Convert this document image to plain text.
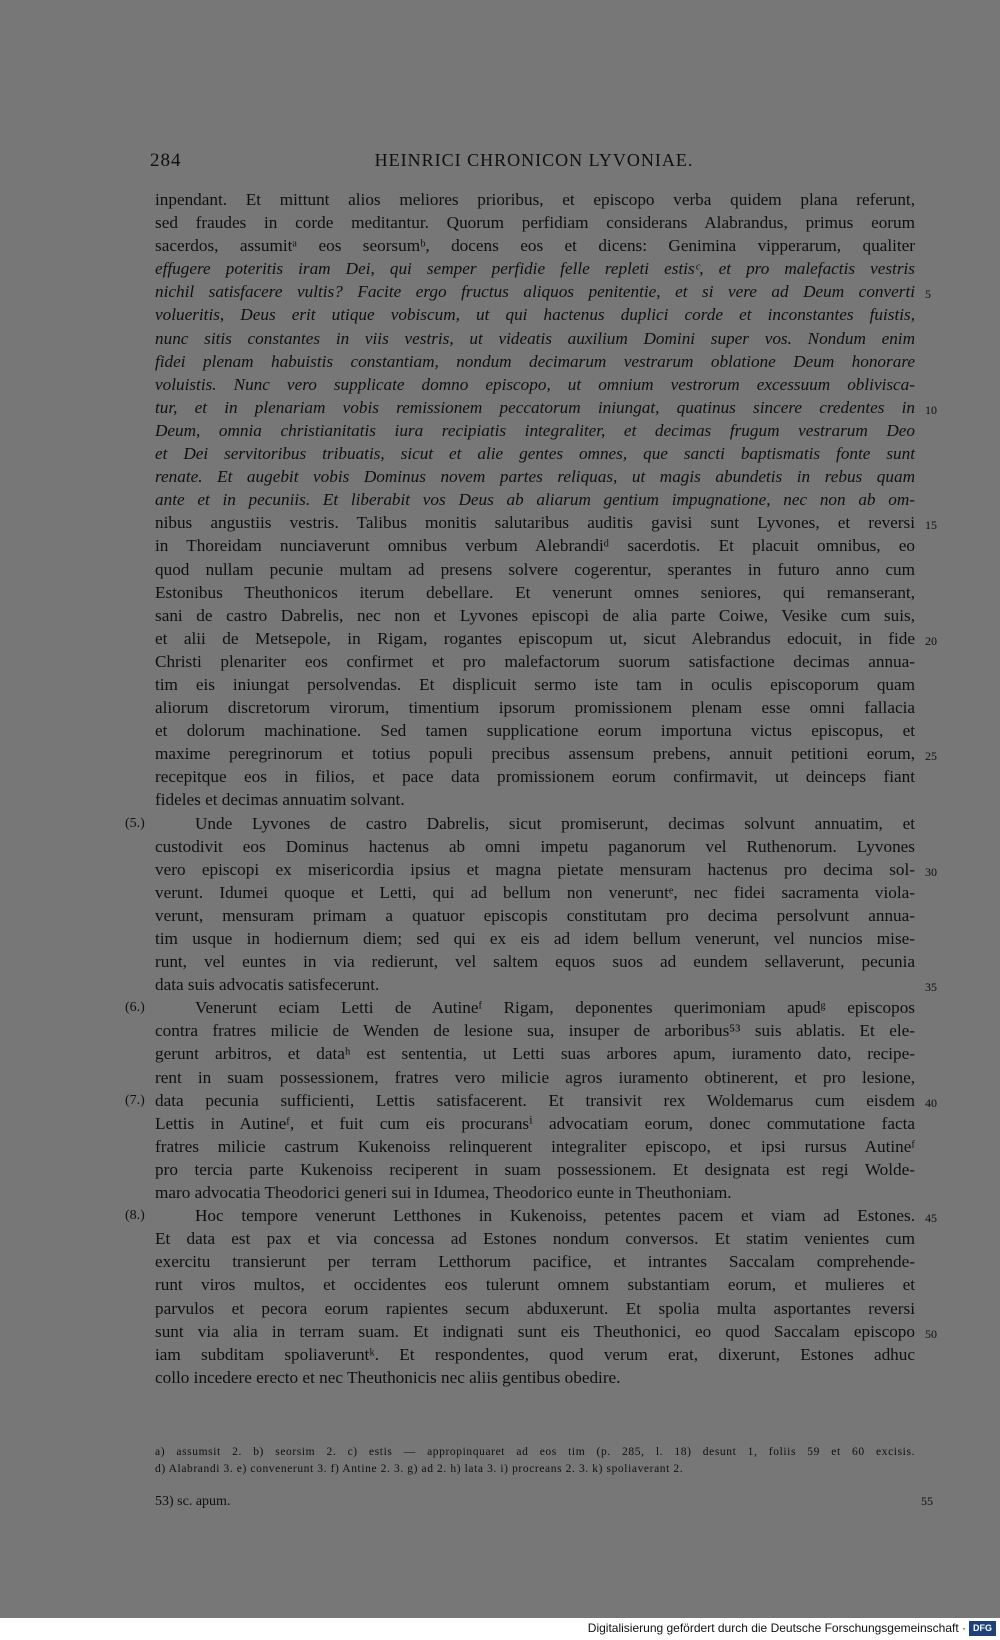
284	HEINRICI CHRONICON LYVONIAE.
inpendant. Et mittunt alios meliores prioribus, et episcopo verba quidem plana referunt,
sed fraudes in corde meditantur. Quorum perfidiam considerans Alabrandus, primus eorum
sacerdos, assumitᵃ eos seorsumᵇ, docens eos et dicens: Genimina vipperarum, qualiter
effugere poteritis iram Dei, qui semper perfidie felle repleti estisᶜ, et pro malefactis vestris
nichil satisfacere vultis? Facite ergo fructus aliquos penitentie, et si vere ad Deum converti 5
volueritis, Deus erit utique vobiscum, ut qui hactenus duplici corde et inconstantes fuistis,
nunc sitis constantes in viis vestris, ut videatis auxilium Domini super vos. Nondum enim
fidei plenam habuistis constantiam, nondum decimarum vestrarum oblatione Deum honorare
voluistis. Nunc vero supplicate domno episcopo, ut omnium vestrorum excessuum oblivisca-
tur, et in plenariam vobis remissionem peccatorum iniungat, quatinus sincere credentes in 10
Deum, omnia christianitatis iura recipiatis integraliter, et decimas frugum vestrarum Deo
et Dei servitoribus tribuatis, sicut et alie gentes omnes, que sancti baptismatis fonte sunt
renate. Et augebit vobis Dominus novem partes reliquas, ut magis abundetis in rebus quam
ante et in pecuniis. Et liberabit vos Deus ab aliarum gentium impugnatione, nec non ab om-
nibus angustiis vestris. Talibus monitis salutaribus auditis gavisi sunt Lyvones, et reversi 15
in Thoreidam nunciaverunt omnibus verbum Alebrandiᵈ sacerdotis. Et placuit omnibus, eo
quod nullam pecunie multam ad presens solvere cogerentur, sperantes in futuro anno cum
Estonibus Theuthonicos iterum debellare. Et venerunt omnes seniores, qui remanserant,
sani de castro Dabrelis, nec non et Lyvones episcopi de alia parte Coiwe, Vesike cum suis,
et alii de Metsepole, in Rigam, rogantes episcopum ut, sicut Alebrandus edocuit, in fide 20
Christi plenariter eos confirmet et pro malefactorum suorum satisfactione decimas annua-
tim eis iniungat persolvendas. Et displicuit sermo iste tam in oculis episcoporum quam
aliorum discretorum virorum, timentium ipsorum promissionem plenam esse omni fallacia
et dolorum machinatione. Sed tamen supplicatione eorum importuna victus episcopus, et
maxime peregrinorum et totius populi precibus assensum prebens, annuit petitioni eorum, 25
recepitque eos in filios, et pace data promissionem eorum confirmavit, ut deinceps fiant
fideles et decimas annuatim solvant.
Unde Lyvones de castro Dabrelis, sicut promiserunt, decimas solvunt annuatim, et
(5.)
custodivit eos Dominus hactenus ab omni impetu paganorum vel Ruthenorum. Lyvones
vero episcopi ex misericordia ipsius et magna pietate mensuram hactenus pro decima sol- 30
verunt. Idumei quoque et Letti, qui ad bellum non veneruntᵉ, nec fidei sacramenta viola-
verunt, mensuram primam a quatuor episcopis constitutam pro decima persolvunt annua-
tim usque in hodiernum diem; sed qui ex eis ad idem bellum venerunt, vel nuncios mise-
runt, vel euntes in via redierunt, vel saltem equos suos ad eundem sellaverunt, pecunia
data suis advocatis satisfecerunt.	35
Venerunt eciam Letti de Autineᶠ Rigam, deponentes querimoniam apudᵍ episcopos
(6.)
contra fratres milicie de Wenden de lesione sua, insuper de arboribus⁵³ suis ablatis. Et ele-
gerunt arbitros, et dataʰ est sententia, ut Letti suas arbores apum, iuramento dato, recipe-
rent in suam possessionem, fratres vero milicie agros iuramento obtinerent, et pro lesione,
data pecunia sufficienti, Lettis satisfacerent. Et transivit rex Woldemarus cum eisdem
(7.)	40
Lettis in Autineᶠ, et fuit cum eis procuransⁱ advocatiam eorum, donec commutatione facta
fratres milicie castrum Kukenoiss relinquerent integraliter episcopo, et ipsi rursus Autineᶠ
pro tercia parte Kukenoiss reciperent in suam possessionem. Et designata est regi Wolde-
maro advocatia Theodorici generi sui in Idumea, Theodorico eunte in Theuthoniam.
Hoc tempore venerunt Letthones in Kukenoiss, petentes pacem et viam ad Estones.
(8.)	45
Et data est pax et via concessa ad Estones nondum conversos. Et statim venientes cum
exercitu transierunt per terram Letthorum pacifice, et intrantes Saccalam comprehende-
runt viros multos, et occidentes eos tulerunt omnem substantiam eorum, et mulieres et
parvulos et pecora eorum rapientes secum abduxerunt. Et spolia multa asportantes reversi
sunt via alia in terram suam. Et indignati sunt eis Theuthonici, eo quod Saccalam episcopo 50
iam subditam spoliaveruntᵏ. Et respondentes, quod verum erat, dixerunt, Estones adhuc
collo incedere erecto et nec Theuthonicis nec aliis gentibus obedire.
a) assumsit 2. b) seorsim 2. c) estis — appropinquaret ad eos tim (p. 285, l. 18) desunt 1, foliis 59 et 60 excisis.
d) Alabrandi 3. e) convenerunt 3. f) Antine 2. 3. g) ad 2. h) lata 3. i) procreans 2. 3. k) spoliaverant 2.
53) sc. apum.	55
Digitalisierung gefördert durch die Deutsche Forschungsgemeinschaft · DFG
